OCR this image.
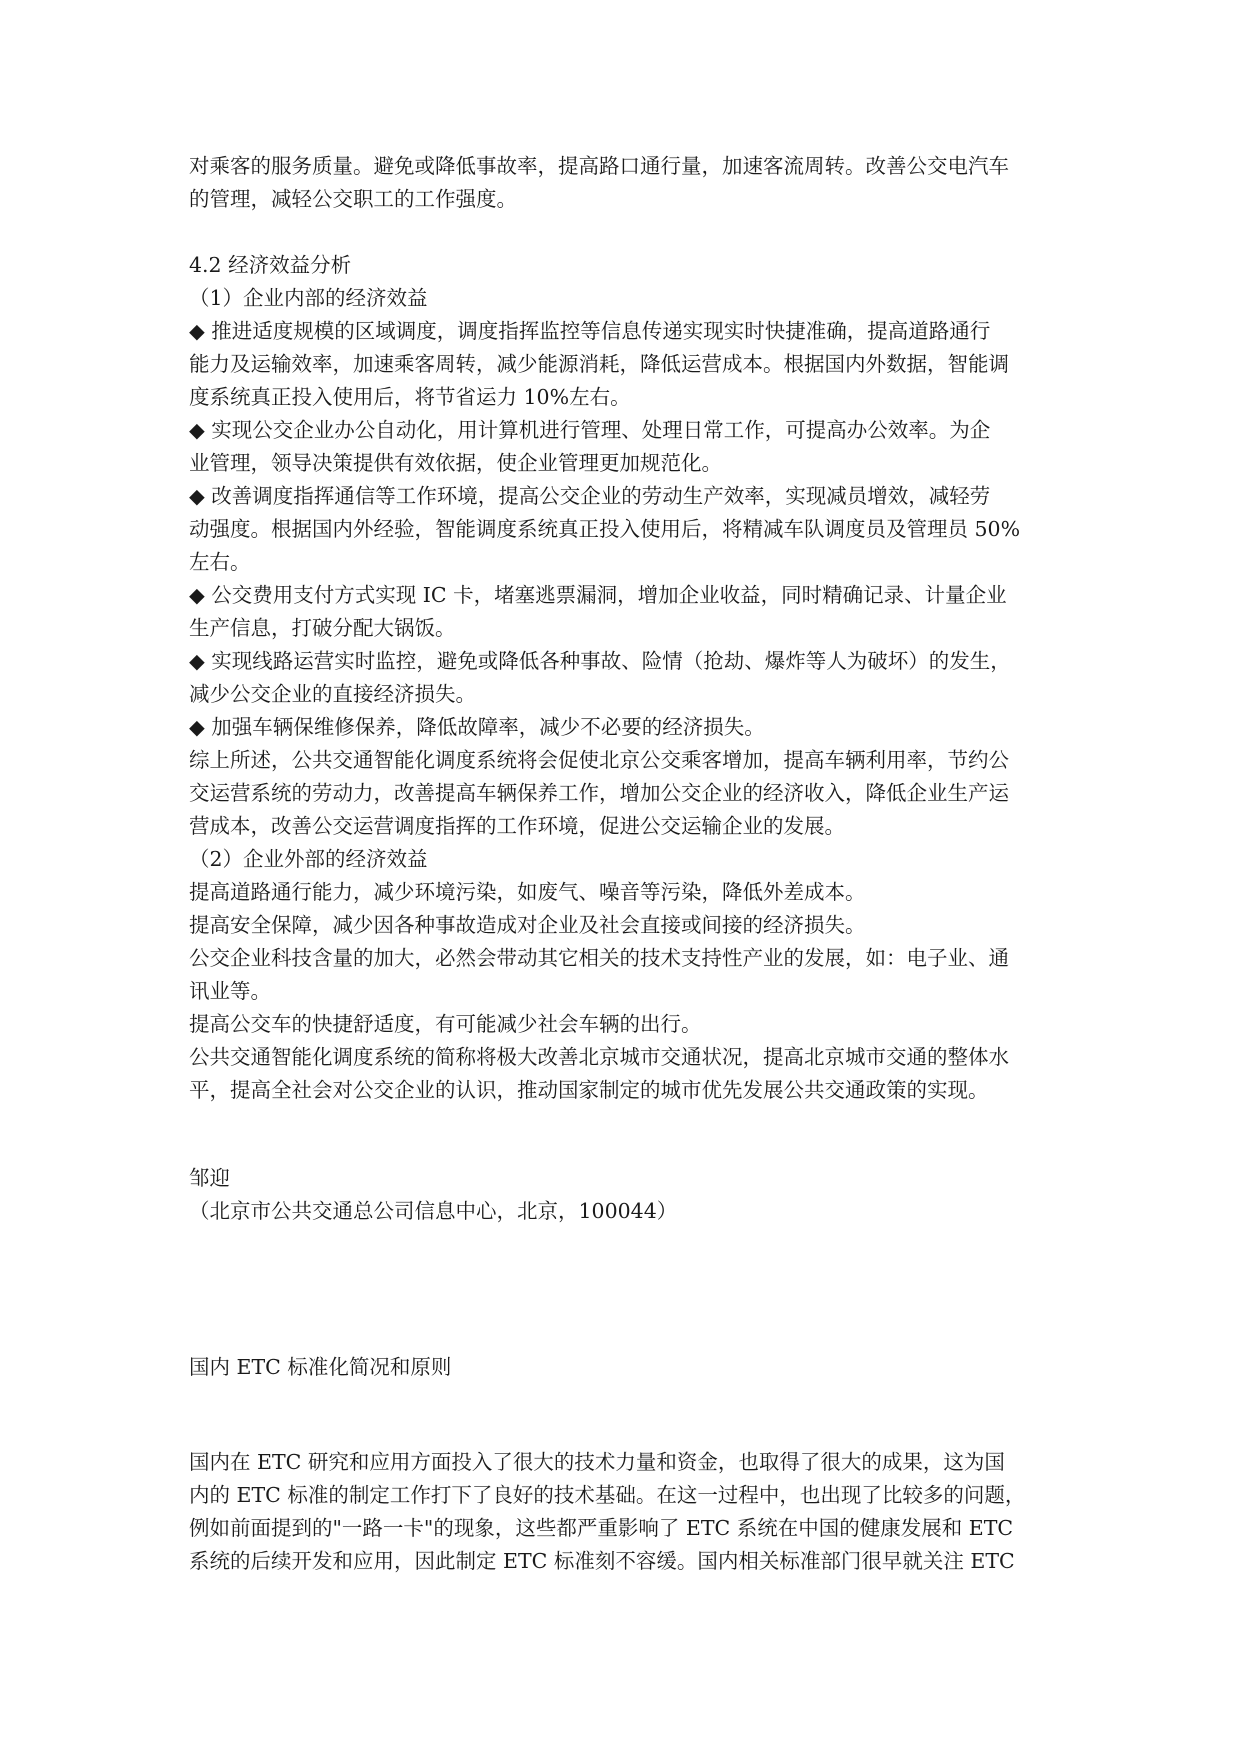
对乘客的服务质量。避免或降低事故率，提高路口通行量，加速客流周转。改善公交电汽车

的管理，减轻公交职工的工作强度。

4.2 经济效益分析

（1）企业内部的经济效益

◆ 推进适度规模的区域调度，调度指挥监控等信息传递实现实时快捷准确，提高道路通行

能力及运输效率，加速乘客周转，减少能源消耗，降低运营成本。根据国内外数据，智能调

度系统真正投入使用后，将节省运力 10%左右。

◆ 实现公交企业办公自动化，用计算机进行管理、处理日常工作，可提高办公效率。为企

业管理，领导决策提供有效依据，使企业管理更加规范化。

◆ 改善调度指挥通信等工作环境，提高公交企业的劳动生产效率，实现减员增效，减轻劳

动强度。根据国内外经验，智能调度系统真正投入使用后，将精减车队调度员及管理员 50%

左右。

◆ 公交费用支付方式实现 IC 卡，堵塞逃票漏洞，增加企业收益，同时精确记录、计量企业

生产信息，打破分配大锅饭。

◆ 实现线路运营实时监控，避免或降低各种事故、险情（抢劫、爆炸等人为破坏）的发生，

减少公交企业的直接经济损失。

◆ 加强车辆保维修保养，降低故障率，减少不必要的经济损失。

综上所述，公共交通智能化调度系统将会促使北京公交乘客增加，提高车辆利用率，节约公

交运营系统的劳动力，改善提高车辆保养工作，增加公交企业的经济收入，降低企业生产运

营成本，改善公交运营调度指挥的工作环境，促进公交运输企业的发展。

（2）企业外部的经济效益

提高道路通行能力，减少环境污染，如废气、噪音等污染，降低外差成本。

提高安全保障，减少因各种事故造成对企业及社会直接或间接的经济损失。

公交企业科技含量的加大，必然会带动其它相关的技术支持性产业的发展，如：电子业、通

讯业等。

提高公交车的快捷舒适度，有可能减少社会车辆的出行。

公共交通智能化调度系统的简称将极大改善北京城市交通状况，提高北京城市交通的整体水

平，提高全社会对公交企业的认识，推动国家制定的城市优先发展公共交通政策的实现。

邹迎

（北京市公共交通总公司信息中心，北京，100044）

国内 ETC 标准化简况和原则

国内在 ETC 研究和应用方面投入了很大的技术力量和资金，也取得了很大的成果，这为国

内的 ETC 标准的制定工作打下了良好的技术基础。在这一过程中，也出现了比较多的问题，

例如前面提到的"一路一卡"的现象，这些都严重影响了 ETC 系统在中国的健康发展和 ETC

系统的后续开发和应用，因此制定 ETC 标准刻不容缓。国内相关标准部门很早就关注 ETC
